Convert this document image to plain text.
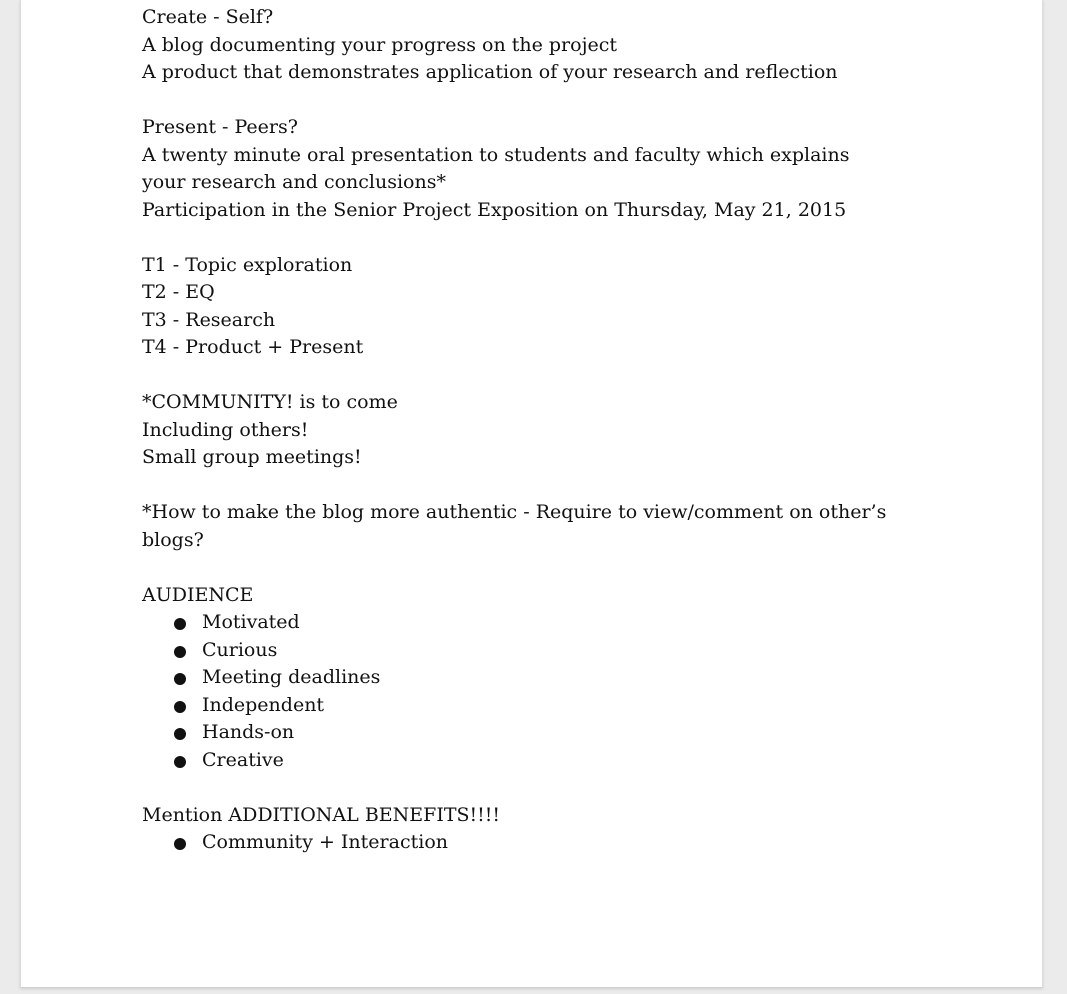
Create - Self?

A blog documenting your progress on the project

A product that demonstrates application of your research and reflection

Present - Peers?

A twenty minute oral presentation to students and faculty which explains

your research and conclusions*

Participation in the Senior Project Exposition on Thursday, May 21, 2015

T1 - Topic exploration

T2 - EQ

T3 - Research

T4 - Product + Present

*COMMUNITY! is to come

Including others!

Small group meetings!

*How to make the blog more authentic - Require to view/comment on other’s

blogs?

AUDIENCE

Motivated
Curious
Meeting deadlines
Independent
Hands-on
Creative

Mention ADDITIONAL BENEFITS!!!!

Community + Interaction
